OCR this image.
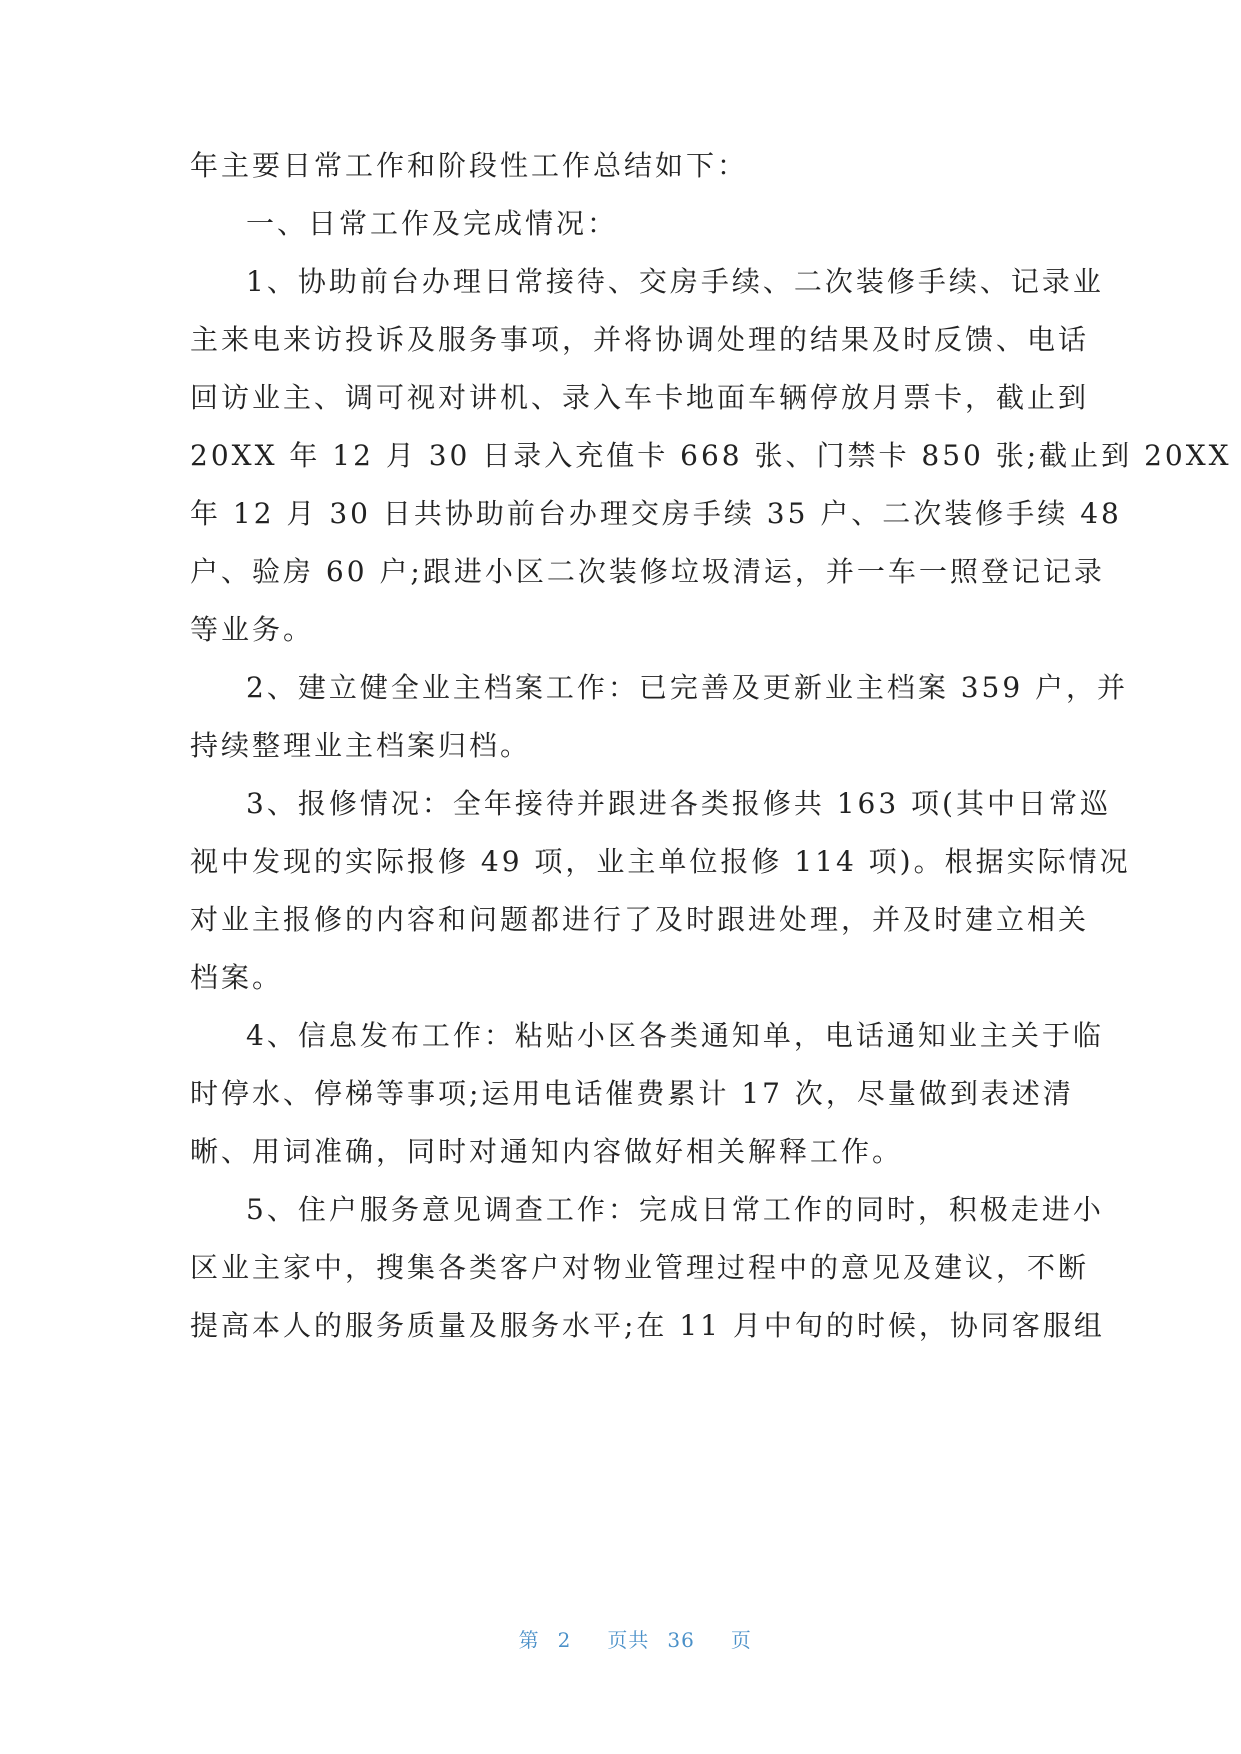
年主要日常工作和阶段性工作总结如下：
一、日常工作及完成情况：
1、协助前台办理日常接待、交房手续、二次装修手续、记录业
主来电来访投诉及服务事项，并将协调处理的结果及时反馈、电话
回访业主、调可视对讲机、录入车卡地面车辆停放月票卡，截止到
20XX 年 12 月 30 日录入充值卡 668 张、门禁卡 850 张;截止到 20XX
年 12 月 30 日共协助前台办理交房手续 35 户、二次装修手续 48
户、验房 60 户;跟进小区二次装修垃圾清运，并一车一照登记记录
等业务。
2、建立健全业主档案工作：已完善及更新业主档案 359 户，并
持续整理业主档案归档。
3、报修情况：全年接待并跟进各类报修共 163 项(其中日常巡
视中发现的实际报修 49 项，业主单位报修 114 项)。根据实际情况
对业主报修的内容和问题都进行了及时跟进处理，并及时建立相关
档案。
4、信息发布工作：粘贴小区各类通知单，电话通知业主关于临
时停水、停梯等事项;运用电话催费累计 17 次，尽量做到表述清
晰、用词准确，同时对通知内容做好相关解释工作。
5、住户服务意见调查工作：完成日常工作的同时，积极走进小
区业主家中，搜集各类客户对物业管理过程中的意见及建议，不断
提高本人的服务质量及服务水平;在 11 月中旬的时候，协同客服组

第 2 页共 36 页
